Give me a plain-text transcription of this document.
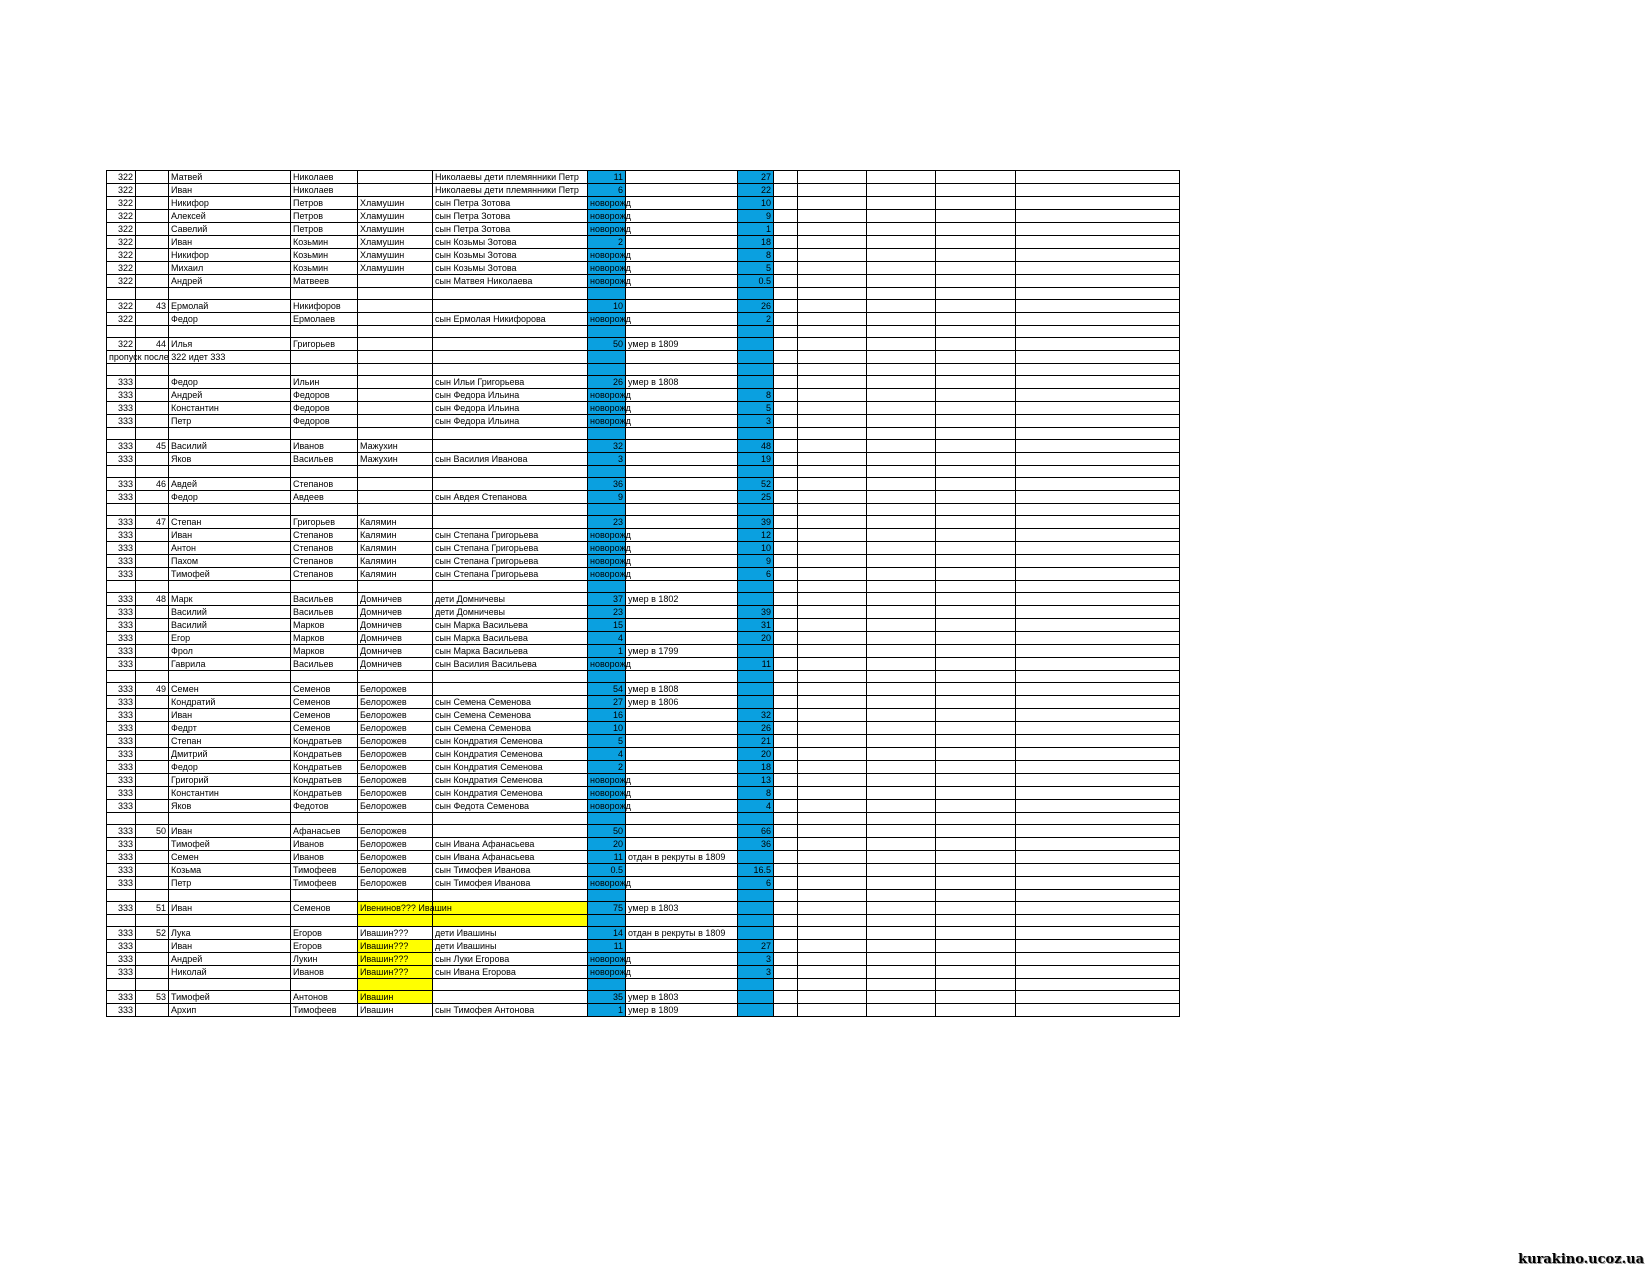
322		Матвей	Николаев		Николаевы дети племянники Петр	11		27					
322		Иван	Николаев		Николаевы дети племянники Петр	6		22					
322		Никифор	Петров	Хламушин	сын Петра Зотова	новорожд		10					
322		Алексей	Петров	Хламушин	сын Петра Зотова	новорожд		9					
322		Савелий	Петров	Хламушин	сын Петра Зотова	новорожд		1					
322		Иван	Козьмин	Хламушин	сын Козьмы Зотова	2		18					
322		Никифор	Козьмин	Хламушин	сын Козьмы Зотова	новорожд		8					
322		Михаил	Козьмин	Хламушин	сын Козьмы Зотова	новорожд		5					
322		Андрей	Матвеев		сын Матвея Николаева	новорожд		0.5					

322	43	Ермолай	Никифоров			10		26					
322		Федор	Ермолаев		сын Ермолая Никифорова	новорожд		2					

322	44	Илья	Григорьев			50	умер в 1809						
пропуск после 322 идет 333													

333		Федор	Ильин		сын Ильи Григорьева	26	умер в 1808						
333		Андрей	Федоров		сын Федора Ильина	новорожд		8					
333		Константин	Федоров		сын Федора Ильина	новорожд		5					
333		Петр	Федоров		сын Федора Ильина	новорожд		3					

333	45	Василий	Иванов	Мажухин		32		48					
333		Яков	Васильев	Мажухин	сын Василия Иванова	3		19					

333	46	Авдей	Степанов			36		52					
333		Федор	Авдеев		сын Авдея Степанова	9		25					

333	47	Степан	Григорьев	Калямин		23		39					
333		Иван	Степанов	Калямин	сын Степана Григорьева	новорожд		12					
333		Антон	Степанов	Калямин	сын Степана Григорьева	новорожд		10					
333		Пахом	Степанов	Калямин	сын Степана Григорьева	новорожд		9					
333		Тимофей	Степанов	Калямин	сын Степана Григорьева	новорожд		6					

333	48	Марк	Васильев	Домничев	дети Домничевы	37	умер в 1802						
333		Василий	Васильев	Домничев	дети Домничевы	23		39					
333		Василий	Марков	Домничев	сын Марка Васильева	15		31					
333		Егор	Марков	Домничев	сын Марка Васильева	4		20					
333		Фрол	Марков	Домничев	сын Марка Васильева	1	умер в 1799						
333		Гаврила	Васильев	Домничев	сын Василия Васильева	новорожд		11					

333	49	Семен	Семенов	Белорожев		54	умер в 1808						
333		Кондратий	Семенов	Белорожев	сын Семена Семенова	27	умер в 1806						
333		Иван	Семенов	Белорожев	сын Семена Семенова	16		32					
333		Федрт	Семенов	Белорожев	сын Семена Семенова	10		26					
333		Степан	Кондратьев	Белорожев	сын Кондратия Семенова	5		21					
333		Дмитрий	Кондратьев	Белорожев	сын Кондратия Семенова	4		20					
333		Федор	Кондратьев	Белорожев	сын Кондратия Семенова	2		18					
333		Григорий	Кондратьев	Белорожев	сын Кондратия Семенова	новорожд		13					
333		Константин	Кондратьев	Белорожев	сын Кондратия Семенова	новорожд		8					
333		Яков	Федотов	Белорожев	сын Федота Семенова	новорожд		4					

333	50	Иван	Афанасьев	Белорожев		50		66					
333		Тимофей	Иванов	Белорожев	сын Ивана Афанасьева	20		36					
333		Семен	Иванов	Белорожев	сын Ивана Афанасьева	11	отдан в рекруты в 1809						
333		Козьма	Тимофеев	Белорожев	сын Тимофея Иванова	0.5		16.5					
333		Петр	Тимофеев	Белорожев	сын Тимофея Иванова	новорожд		6					

333	51	Иван	Семенов	Ивенинов??? Ивашин		75	умер в 1803						

333	52	Лука	Егоров	Ивашин???	дети Ивашины	14	отдан в рекруты в 1809						
333		Иван	Егоров	Ивашин???	дети Ивашины	11		27					
333		Андрей	Лукин	Ивашин???	сын Луки Егорова	новорожд		3					
333		Николай	Иванов	Ивашин???	сын Ивана Егорова	новорожд		3					

333	53	Тимофей	Антонов	Ивашин		35	умер в 1803						
333		Архип	Тимофеев	Ивашин	сын Тимофея Антонова	1	умер в 1809						
kurakino.ucoz.ua
